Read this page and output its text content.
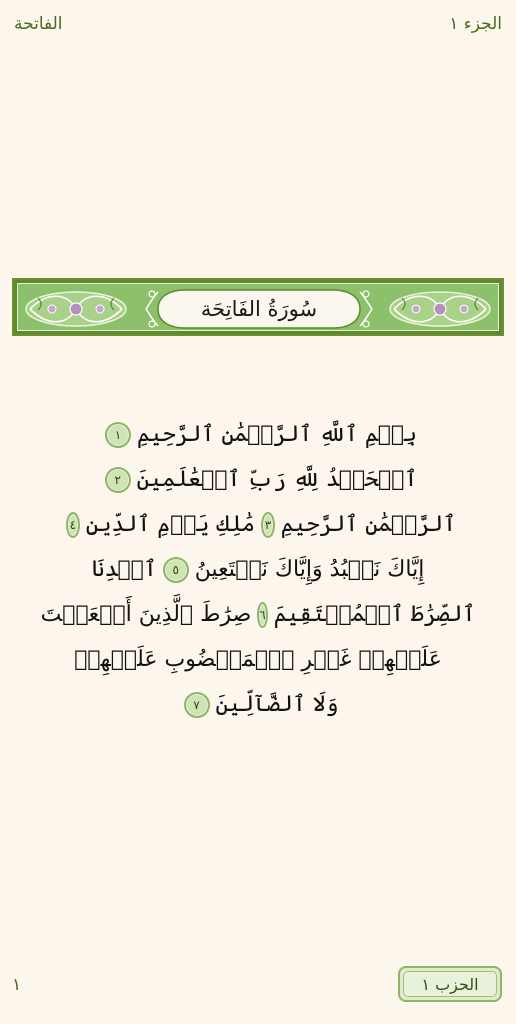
الفاتحة	الجزء ١
سُورَةُ الفَاتِحَة
بِسۡمِ ٱللَّهِ ٱلرَّحۡمَٰنِ ٱلرَّحِيمِ
١
ٱلۡحَمۡدُ لِلَّهِ رَبِّ ٱلۡعَٰلَمِينَ
٢
ٱلرَّحۡمَٰنِ ٱلرَّحِيمِ
٣
مَٰلِكِ يَوۡمِ ٱلدِّينِ
٤
إِيَّاكَ نَعۡبُدُ وَإِيَّاكَ نَسۡتَعِينُ
٥
ٱهۡدِنَا
ٱلصِّرَٰطَ ٱلۡمُسۡتَقِيمَ
٦
صِرَٰطَ ٱلَّذِينَ أَنۡعَمۡتَ
عَلَيۡهِمۡ غَيۡرِ ٱلۡمَغۡضُوبِ عَلَيۡهِمۡ
وَلَا ٱلضَّآلِّينَ
٧
١	الحزب ١
